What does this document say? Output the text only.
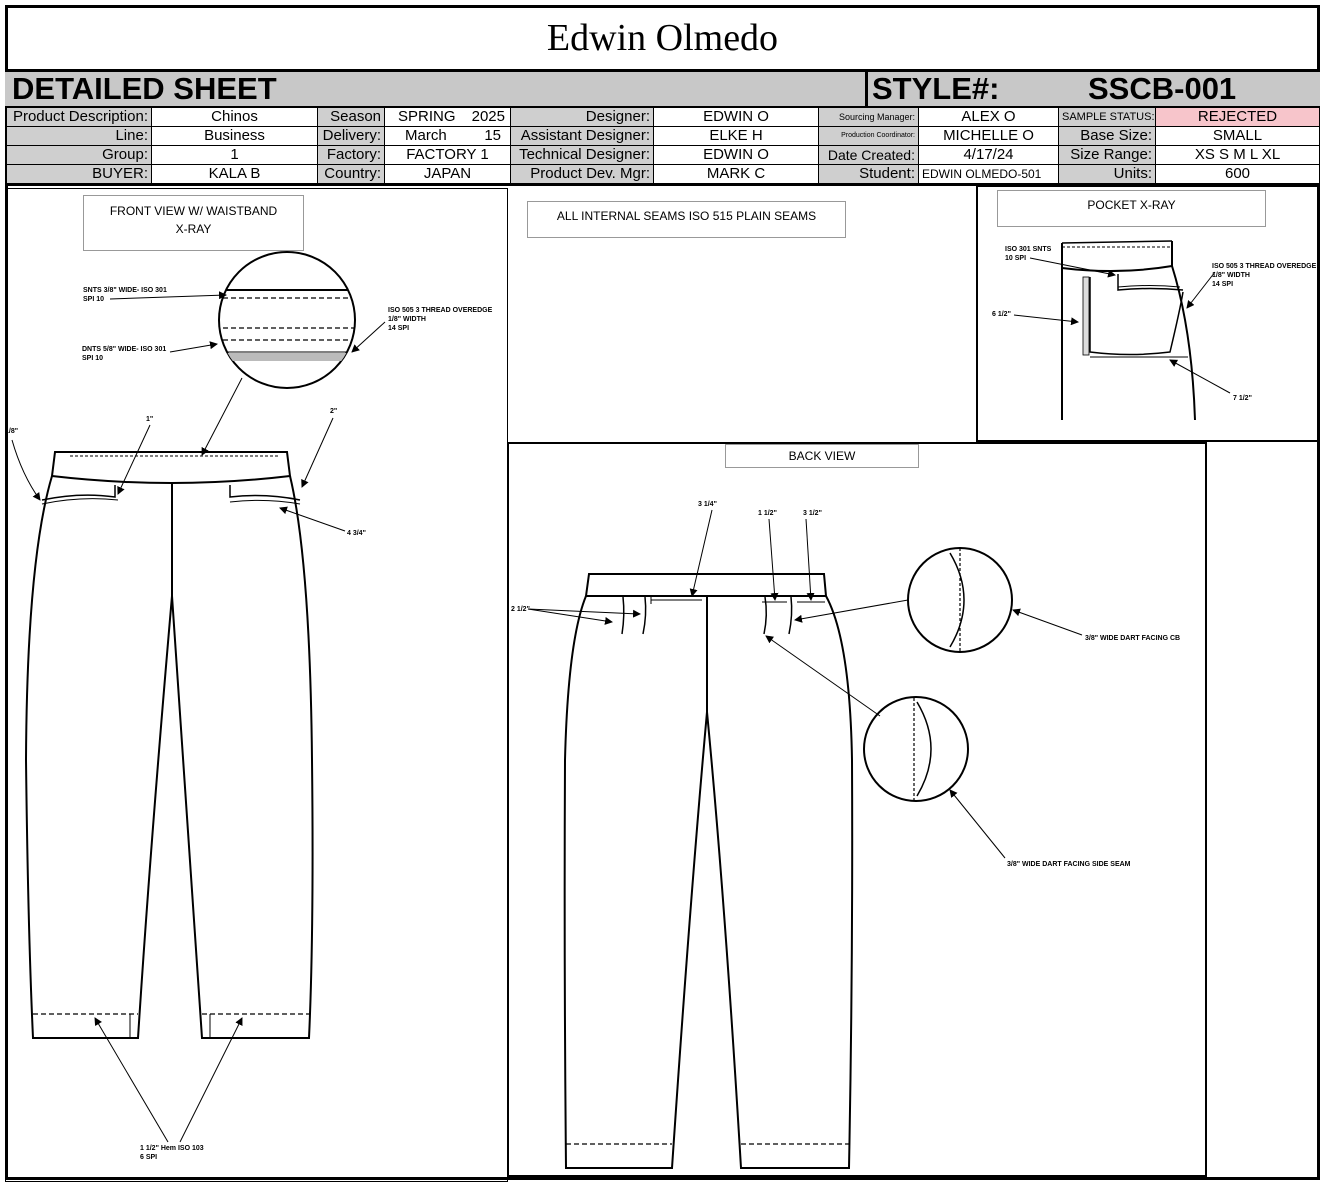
Edwin Olmedo
DETAILED SHEET	STYLE#:	SSCB-001
Product Description:	Chinos	Season	SPRING 2025	Designer:	EDWIN O	Sourcing Manager:	ALEX O	SAMPLE STATUS:	REJECTED
Line:	Business	Delivery:	March 15	Assistant Designer:	ELKE H	Production Coordinator:	MICHELLE O	Base Size:	SMALL
Group:	1	Factory:	FACTORY 1	Technical Designer:	EDWIN O	Date Created:	4/17/24	Size Range:	XS S M L XL
BUYER:	KALA B	Country:	JAPAN	Product Dev. Mgr:	MARK C	Student:	EDWIN OLMEDO-501	Units:	600
FRONT VIEW W/ WAISTBAND
X-RAY
ALL INTERNAL SEAMS ISO 515 PLAIN SEAMS
POCKET X-RAY
BACK VIEW
SNTS 3/8" WIDE- ISO 301
SPI 10
DNTS 5/8" WIDE- ISO 301
SPI 10
ISO 505 3 THREAD OVEREDGE
1/8" WIDTH
14 SPI
1/8"
1"
2"
4 3/4"
1 1/2" Hem ISO 103
6 SPI
ISO 301 SNTS
10 SPI
ISO 505 3 THREAD OVEREDGE
1/8" WIDTH
14 SPI
6 1/2"
7 1/2"
3 1/4"
1 1/2"	3 1/2"
2 1/2"
3/8" WIDE DART FACING CB
3/8" WIDE DART FACING SIDE SEAM
